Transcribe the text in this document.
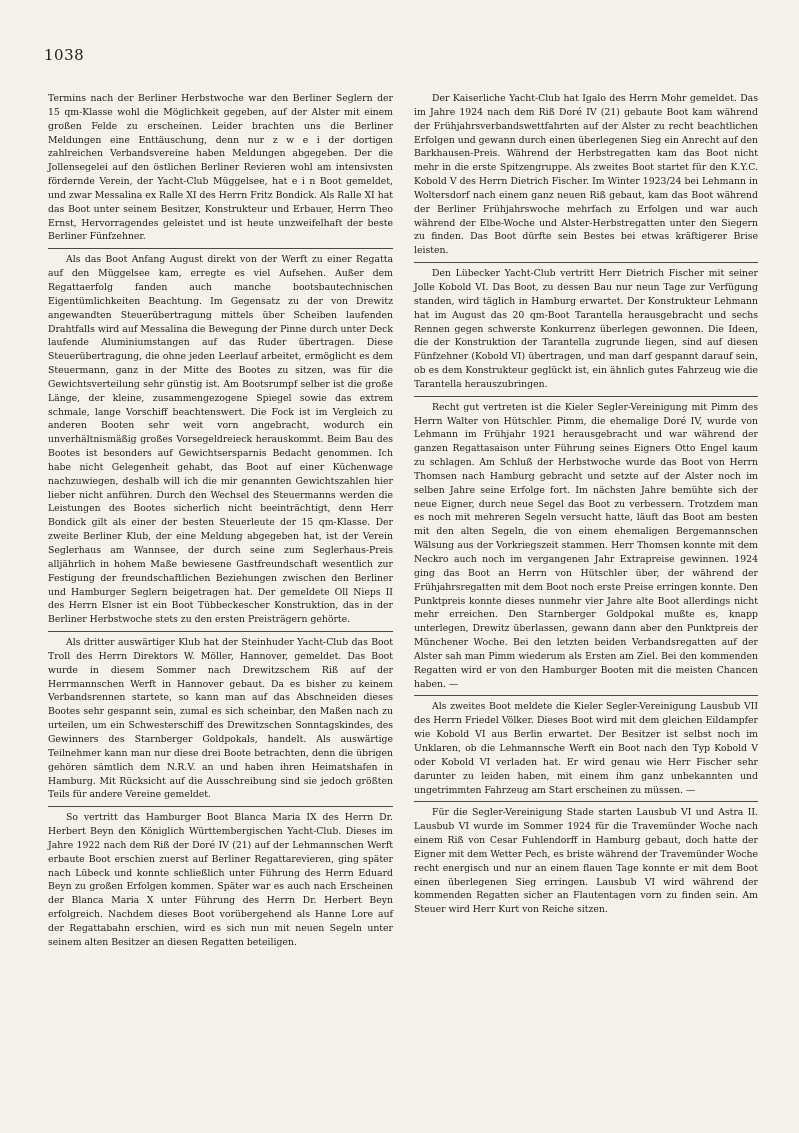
1038

Termins nach der Berliner Herbstwoche war den Berliner Seglern der 15 qm-Klasse wohl die Möglichkeit gegeben, auf der Alster mit einem großen Felde zu erscheinen. Leider brachten uns die Berliner Meldungen eine Enttäuschung, denn nur z w e i der dortigen zahlreichen Verbandsvereine haben Meldungen abgegeben. Der die Jollensegelei auf den östlichen Berliner Revieren wohl am intensivsten fördernde Verein, der Yacht-Club Müggelsee, hat e i n Boot gemeldet, und zwar Messalina ex Ralle XI des Herrn Fritz Bondick. Als Ralle XI hat das Boot unter seinem Besitzer, Konstrukteur und Erbauer, Herrn Theo Ernst, Hervorragendes geleistet und ist heute unzweifelhaft der beste Berliner Fünfzehner.

Als das Boot Anfang August direkt von der Werft zu einer Regatta auf den Müggelsee kam, erregte es viel Aufsehen. Außer dem Regattaerfolg fanden auch manche bootsbautechnischen Eigentümlichkeiten Beachtung. Im Gegensatz zu der von Drewitz angewandten Steuerübertragung mittels über Scheiben laufenden Drahtfalls wird auf Messalina die Bewegung der Pinne durch unter Deck laufende Aluminiumstangen auf das Ruder übertragen. Diese Steuerübertragung, die ohne jeden Leerlauf arbeitet, ermöglicht es dem Steuermann, ganz in der Mitte des Bootes zu sitzen, was für die Gewichtsverteilung sehr günstig ist. Am Bootsrumpf selber ist die große Länge, der kleine, zusammengezogene Spiegel sowie das extrem schmale, lange Vorschiff beachtenswert. Die Fock ist im Vergleich zu anderen Booten sehr weit vorn angebracht, wodurch ein unverhältnismäßig großes Vorsegeldreieck herauskommt. Beim Bau des Bootes ist besonders auf Gewichtsersparnis Bedacht genommen. Ich habe nicht Gelegenheit gehabt, das Boot auf einer Küchenwage nachzuwiegen, deshalb will ich die mir genannten Gewichtszahlen hier lieber nicht anführen. Durch den Wechsel des Steuermanns werden die Leistungen des Bootes sicherlich nicht beeinträchtigt, denn Herr Bondick gilt als einer der besten Steuerleute der 15 qm-Klasse. Der zweite Berliner Klub, der eine Meldung abgegeben hat, ist der Verein Seglerhaus am Wannsee, der durch seine zum Seglerhaus-Preis alljährlich in hohem Maße bewiesene Gastfreundschaft wesentlich zur Festigung der freundschaftlichen Beziehungen zwischen den Berliner und Hamburger Seglern beigetragen hat. Der gemeldete Oll Nieps II des Herrn Elsner ist ein Boot Tübbeckescher Konstruktion, das in der Berliner Herbstwoche stets zu den ersten Preisträgern gehörte.

Als dritter auswärtiger Klub hat der Steinhuder Yacht-Club das Boot Troll des Herrn Direktors W. Möller, Hannover, gemeldet. Das Boot wurde in diesem Sommer nach Drewitzschem Riß auf der Herrmannschen Werft in Hannover gebaut. Da es bisher zu keinem Verbandsrennen startete, so kann man auf das Abschneiden dieses Bootes sehr gespannt sein, zumal es sich scheinbar, den Maßen nach zu urteilen, um ein Schwesterschiff des Drewitzschen Sonntagskindes, des Gewinners des Starnberger Goldpokals, handelt. Als auswärtige Teilnehmer kann man nur diese drei Boote betrachten, denn die übrigen gehören sämtlich dem N.R.V. an und haben ihren Heimatshafen in Hamburg. Mit Rücksicht auf die Ausschreibung sind sie jedoch größten Teils für andere Vereine gemeldet.

So vertritt das Hamburger Boot Blanca Maria IX des Herrn Dr. Herbert Beyn den Königlich Württembergischen Yacht-Club. Dieses im Jahre 1922 nach dem Riß der Doré IV (21) auf der Lehmannschen Werft erbaute Boot erschien zuerst auf Berliner Regattarevieren, ging später nach Lübeck und konnte schließlich unter Führung des Herrn Eduard Beyn zu großen Erfolgen kommen. Später war es auch nach Erscheinen der Blanca Maria X unter Führung des Herrn Dr. Herbert Beyn erfolgreich. Nachdem dieses Boot vorübergehend als Hanne Lore auf der Regattabahn erschien, wird es sich nun mit neuen Segeln unter seinem alten Besitzer an diesen Regatten beteiligen.

Der Kaiserliche Yacht-Club hat Igalo des Herrn Mohr gemeldet. Das im Jahre 1924 nach dem Riß Doré IV (21) gebaute Boot kam während der Frühjahrsverbandswettfahrten auf der Alster zu recht beachtlichen Erfolgen und gewann durch einen überlegenen Sieg ein Anrecht auf den Barkhausen-Preis. Während der Herbstregatten kam das Boot nicht mehr in die erste Spitzengruppe. Als zweites Boot startet für den K.Y.C. Kobold V des Herrn Dietrich Fischer. Im Winter 1923/24 bei Lehmann in Woltersdorf nach einem ganz neuen Riß gebaut, kam das Boot während der Berliner Frühjahrswoche mehrfach zu Erfolgen und war auch während der Elbe-Woche und Alster-Herbstregatten unter den Siegern zu finden. Das Boot dürfte sein Bestes bei etwas kräftigerer Brise leisten.

Den Lübecker Yacht-Club vertritt Herr Dietrich Fischer mit seiner Jolle Kobold VI. Das Boot, zu dessen Bau nur neun Tage zur Verfügung standen, wird täglich in Hamburg erwartet. Der Konstrukteur Lehmann hat im August das 20 qm-Boot Tarantella herausgebracht und sechs Rennen gegen schwerste Konkurrenz überlegen gewonnen. Die Ideen, die der Konstruktion der Tarantella zugrunde liegen, sind auf diesen Fünfzehner (Kobold VI) übertragen, und man darf gespannt darauf sein, ob es dem Konstrukteur geglückt ist, ein ähnlich gutes Fahrzeug wie die Tarantella herauszubringen.

Recht gut vertreten ist die Kieler Segler-Vereinigung mit Pimm des Herrn Walter von Hütschler. Pimm, die ehemalige Doré IV, wurde von Lehmann im Frühjahr 1921 herausgebracht und war während der ganzen Regattasaison unter Führung seines Eigners Otto Engel kaum zu schlagen. Am Schluß der Herbstwoche wurde das Boot von Herrn Thomsen nach Hamburg gebracht und setzte auf der Alster noch im selben Jahre seine Erfolge fort. Im nächsten Jahre bemühte sich der neue Eigner, durch neue Segel das Boot zu verbessern. Trotzdem man es noch mit mehreren Segeln versucht hatte, läuft das Boot am besten mit den alten Segeln, die von einem ehemaligen Bergemannschen Wälsung aus der Vorkriegszeit stammen. Herr Thomsen konnte mit dem Neckro auch noch im vergangenen Jahr Extrapreise gewinnen. 1924 ging das Boot an Herrn von Hütschler über, der während der Frühjahrsregatten mit dem Boot noch erste Preise erringen konnte. Den Punktpreis konnte dieses nunmehr vier Jahre alte Boot allerdings nicht mehr erreichen. Den Starnberger Goldpokal mußte es, knapp unterlegen, Drewitz überlassen, gewann dann aber den Punktpreis der Münchener Woche. Bei den letzten beiden Verbandsregatten auf der Alster sah man Pimm wiederum als Ersten am Ziel. Bei den kommenden Regatten wird er von den Hamburger Booten mit die meisten Chancen haben. —

Als zweites Boot meldete die Kieler Segler-Vereinigung Lausbub VII des Herrn Friedel Völker. Dieses Boot wird mit dem gleichen Eildampfer wie Kobold VI aus Berlin erwartet. Der Besitzer ist selbst noch im Unklaren, ob die Lehmannsche Werft ein Boot nach den Typ Kobold V oder Kobold VI verladen hat. Er wird genau wie Herr Fischer sehr darunter zu leiden haben, mit einem ihm ganz unbekannten und ungetrimmten Fahrzeug am Start erscheinen zu müssen. —

Für die Segler-Vereinigung Stade starten Lausbub VI und Astra II. Lausbub VI wurde im Sommer 1924 für die Travemünder Woche nach einem Riß von Cesar Fuhlendorff in Hamburg gebaut, doch hatte der Eigner mit dem Wetter Pech, es briste während der Travemünder Woche recht energisch und nur an einem flauen Tage konnte er mit dem Boot einen überlegenen Sieg erringen. Lausbub VI wird während der kommenden Regatten sicher an Flautentagen vorn zu finden sein. Am Steuer wird Herr Kurt von Reiche sitzen.
